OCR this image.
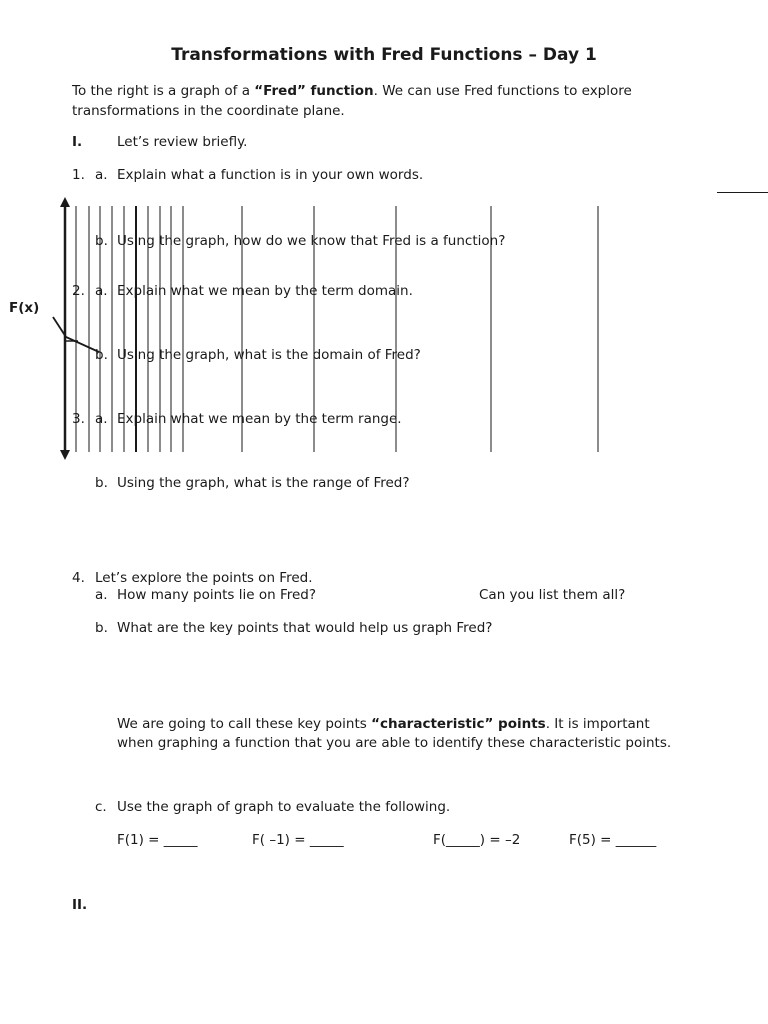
Transformations with Fred Functions – Day 1
To the right is a graph of a “Fred” function. We can use Fred functions to explore
transformations in the coordinate plane.
I.	Let’s review briefly.
1. a. Explain what a function is in your own words.
b. Using the graph, how do we know that Fred is a function?
2. a. Explain what we mean by the term domain.
b. Using the graph, what is the domain of Fred?
3. a. Explain what we mean by the term range.
b. Using the graph, what is the range of Fred?
F(x)
4. Let’s explore the points on Fred.
a. How many points lie on Fred?	Can you list them all?
b. What are the key points that would help us graph Fred?
We are going to call these key points “characteristic” points. It is important
when graphing a function that you are able to identify these characteristic points.
c. Use the graph of graph to evaluate the following.
F(1) = _____	F( –1) = _____	F(_____) = –2	F(5) = ______
II.
